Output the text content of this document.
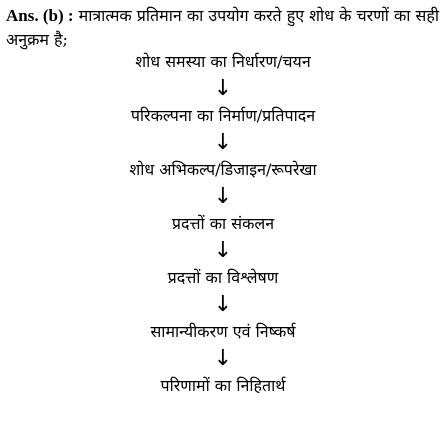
Ans. (b) : मात्रात्मक प्रतिमान का उपयोग करते हुए शोध के चरणों का सही अनुक्रम है;
शोध समस्या का निर्धारण/चयन
↓
परिकल्पना का निर्माण/प्रतिपादन
↓
शोध अभिकल्प/डिजाइन/रूपरेखा
↓
प्रदत्तों का संकलन
↓
प्रदत्तों का विश्लेषण
↓
सामान्यीकरण एवं निष्कर्ष
↓
परिणामों का निहितार्थ
